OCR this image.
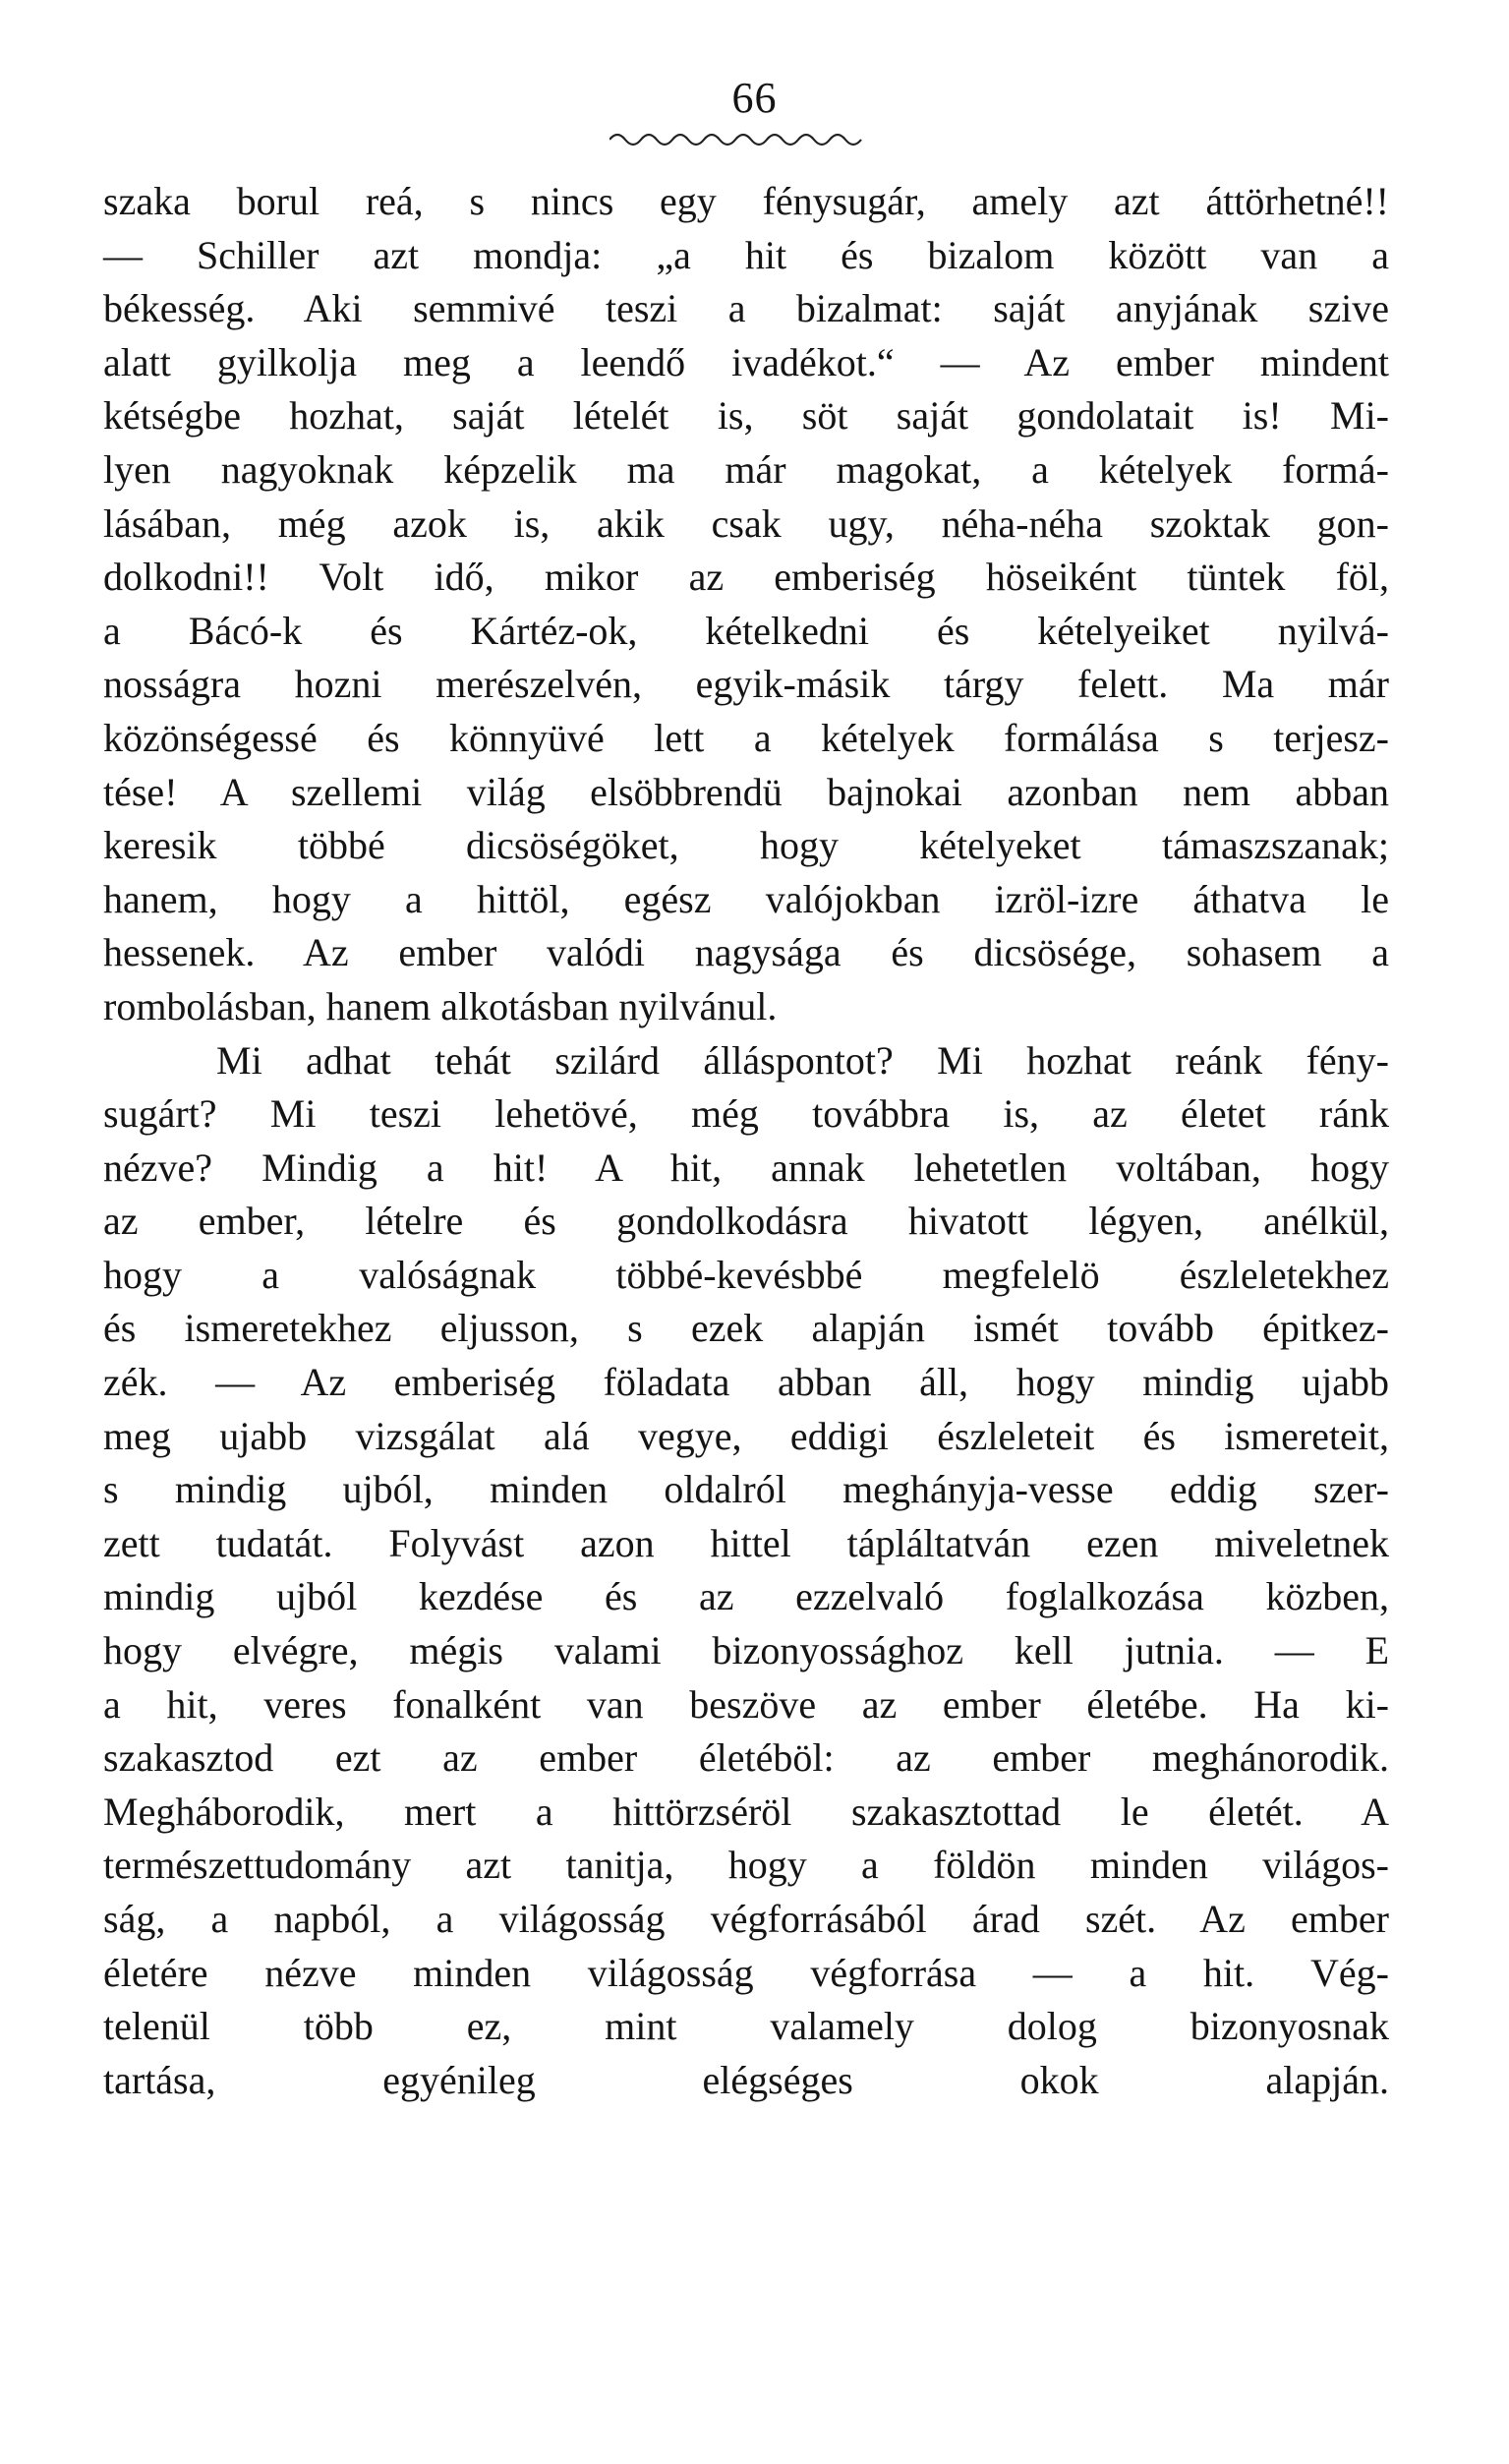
66
szaka borul reá, s nincs egy fénysugár, amely azt áttörhetné!!
— Schiller azt mondja: „a hit és bizalom között van a
békesség. Aki semmivé teszi a bizalmat: saját anyjának szive
alatt gyilkolja meg a leendő ivadékot.“ — Az ember mindent
kétségbe hozhat, saját lételét is, söt saját gondolatait is! Mi-
lyen nagyoknak képzelik ma már magokat, a kételyek formá-
lásában, még azok is, akik csak ugy, néha-néha szoktak gon-
dolkodni!! Volt idő, mikor az emberiség höseiként tüntek föl,
a Bácó-k és Kártéz-ok, kételkedni és kételyeiket nyilvá-
nosságra hozni merészelvén, egyik-másik tárgy felett. Ma már
közönségessé és könnyüvé lett a kételyek formálása s terjesz-
tése! A szellemi világ elsöbbrendü bajnokai azonban nem abban
keresik többé dicsöségöket, hogy kételyeket támaszszanak;
hanem, hogy a hittöl, egész valójokban izröl-izre áthatva le
hessenek. Az ember valódi nagysága és dicsösége, sohasem a
rombolásban, hanem alkotásban nyilvánul.
Mi adhat tehát szilárd álláspontot? Mi hozhat reánk fény-
sugárt? Mi teszi lehetövé, még továbbra is, az életet ránk
nézve? Mindig a hit! A hit, annak lehetetlen voltában, hogy
az ember, lételre és gondolkodásra hivatott légyen, anélkül,
hogy a valóságnak többé-kevésbbé megfelelö észleletekhez
és ismeretekhez eljusson, s ezek alapján ismét tovább épitkez-
zék. — Az emberiség föladata abban áll, hogy mindig ujabb
meg ujabb vizsgálat alá vegye, eddigi észleleteit és ismereteit,
s mindig ujból, minden oldalról meghányja-vesse eddig szer-
zett tudatát. Folyvást azon hittel tápláltatván ezen miveletnek
mindig ujból kezdése és az ezzelvaló foglalkozása közben,
hogy elvégre, mégis valami bizonyossághoz kell jutnia. — E
a hit, veres fonalként van beszöve az ember életébe. Ha ki-
szakasztod ezt az ember életéböl: az ember meghánorodik.
Megháborodik, mert a hittörzséröl szakasztottad le életét. A
természettudomány azt tanitja, hogy a földön minden világos-
ság, a napból, a világosság végforrásából árad szét. Az ember
életére nézve minden világosság végforrása — a hit. Vég-
telenül több ez, mint valamely dolog bizonyosnak
tartása, egyénileg elégséges okok alapján.
